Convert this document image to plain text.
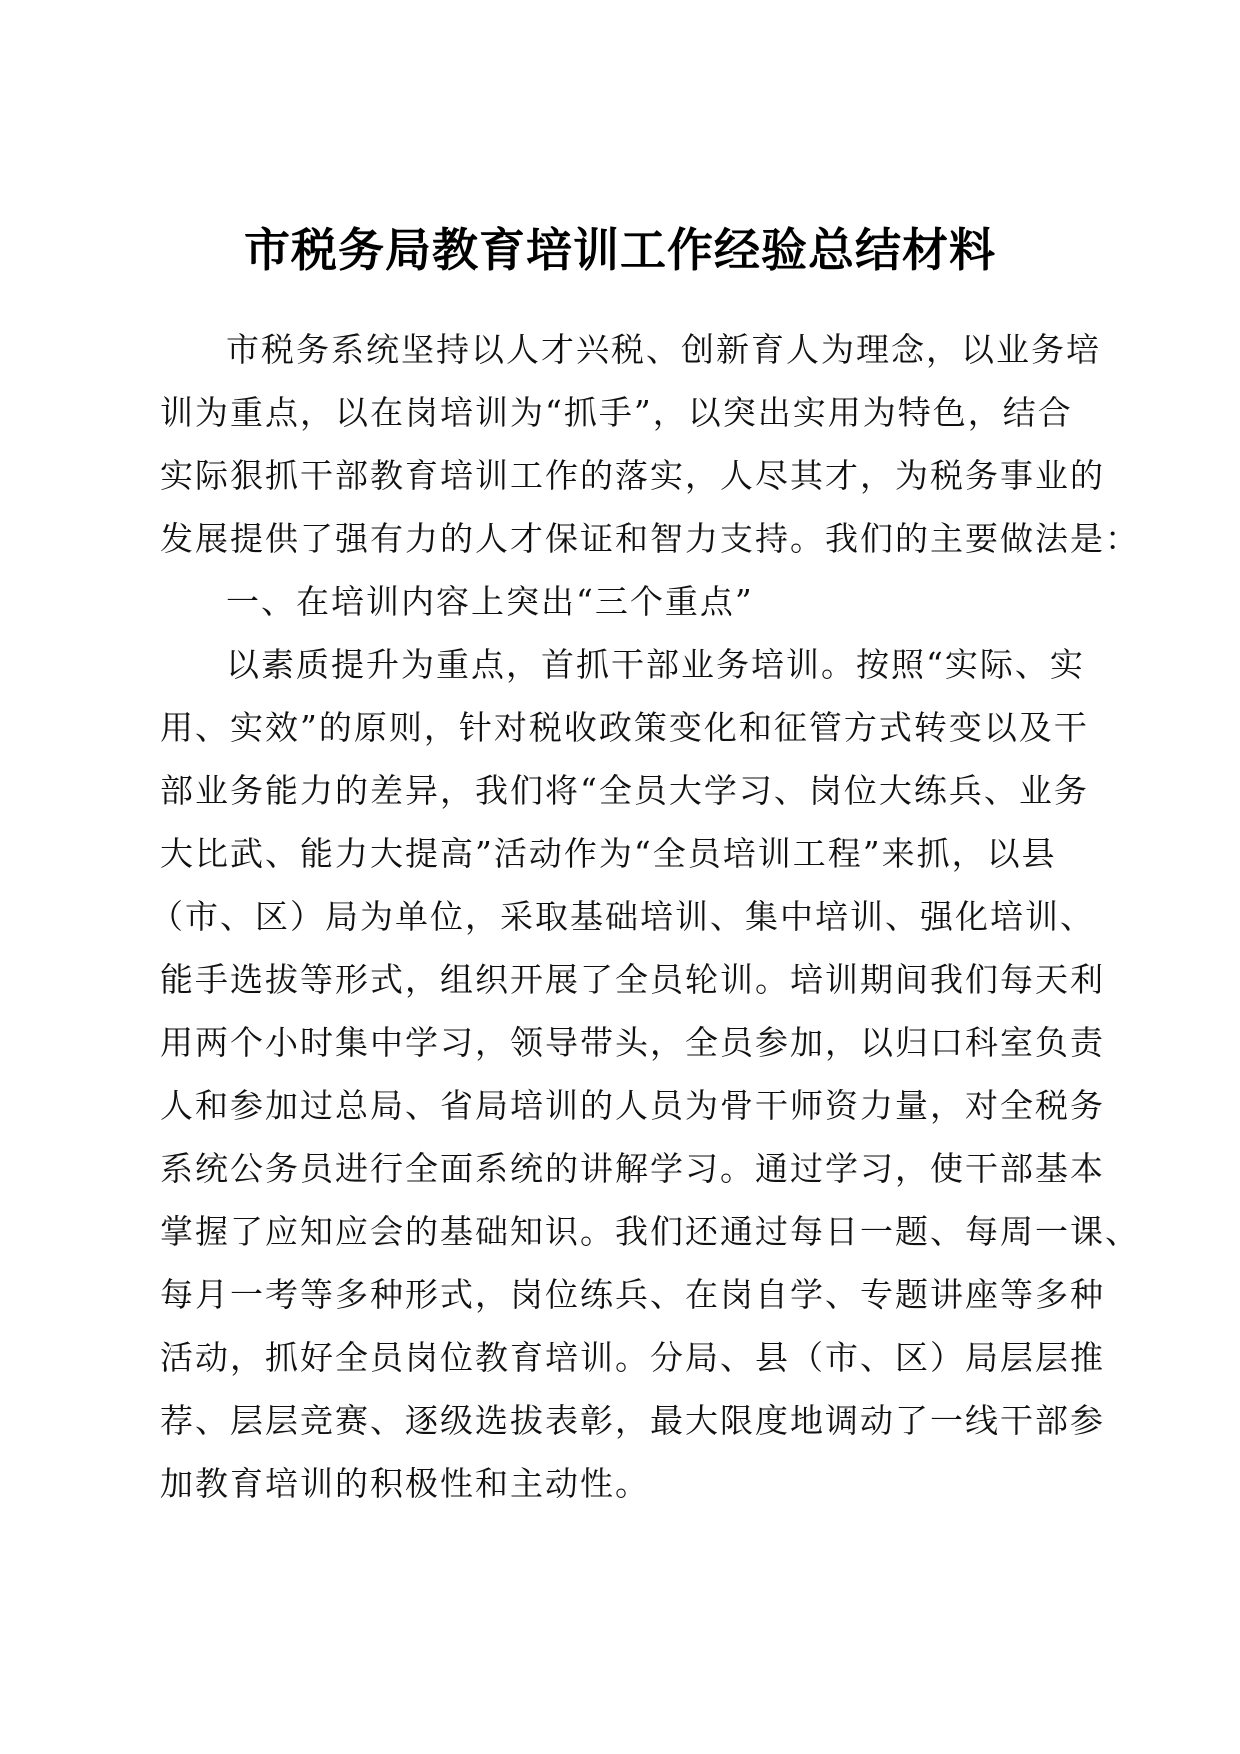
市税务局教育培训工作经验总结材料
市税务系统坚持以人才兴税、创新育人为理念，以业务培
训为重点，以在岗培训为“抓手”，以突出实用为特色，结合
实际狠抓干部教育培训工作的落实，人尽其才，为税务事业的
发展提供了强有力的人才保证和智力支持。我们的主要做法是：
一、在培训内容上突出“三个重点”
以素质提升为重点，首抓干部业务培训。按照“实际、实
用、实效”的原则，针对税收政策变化和征管方式转变以及干
部业务能力的差异，我们将“全员大学习、岗位大练兵、业务
大比武、能力大提高”活动作为“全员培训工程”来抓，以县
（市、区）局为单位，采取基础培训、集中培训、强化培训、
能手选拔等形式，组织开展了全员轮训。培训期间我们每天利
用两个小时集中学习，领导带头，全员参加，以归口科室负责
人和参加过总局、省局培训的人员为骨干师资力量，对全税务
系统公务员进行全面系统的讲解学习。通过学习，使干部基本
掌握了应知应会的基础知识。我们还通过每日一题、每周一课、
每月一考等多种形式，岗位练兵、在岗自学、专题讲座等多种
活动，抓好全员岗位教育培训。分局、县（市、区）局层层推
荐、层层竞赛、逐级选拔表彰，最大限度地调动了一线干部参
加教育培训的积极性和主动性。
